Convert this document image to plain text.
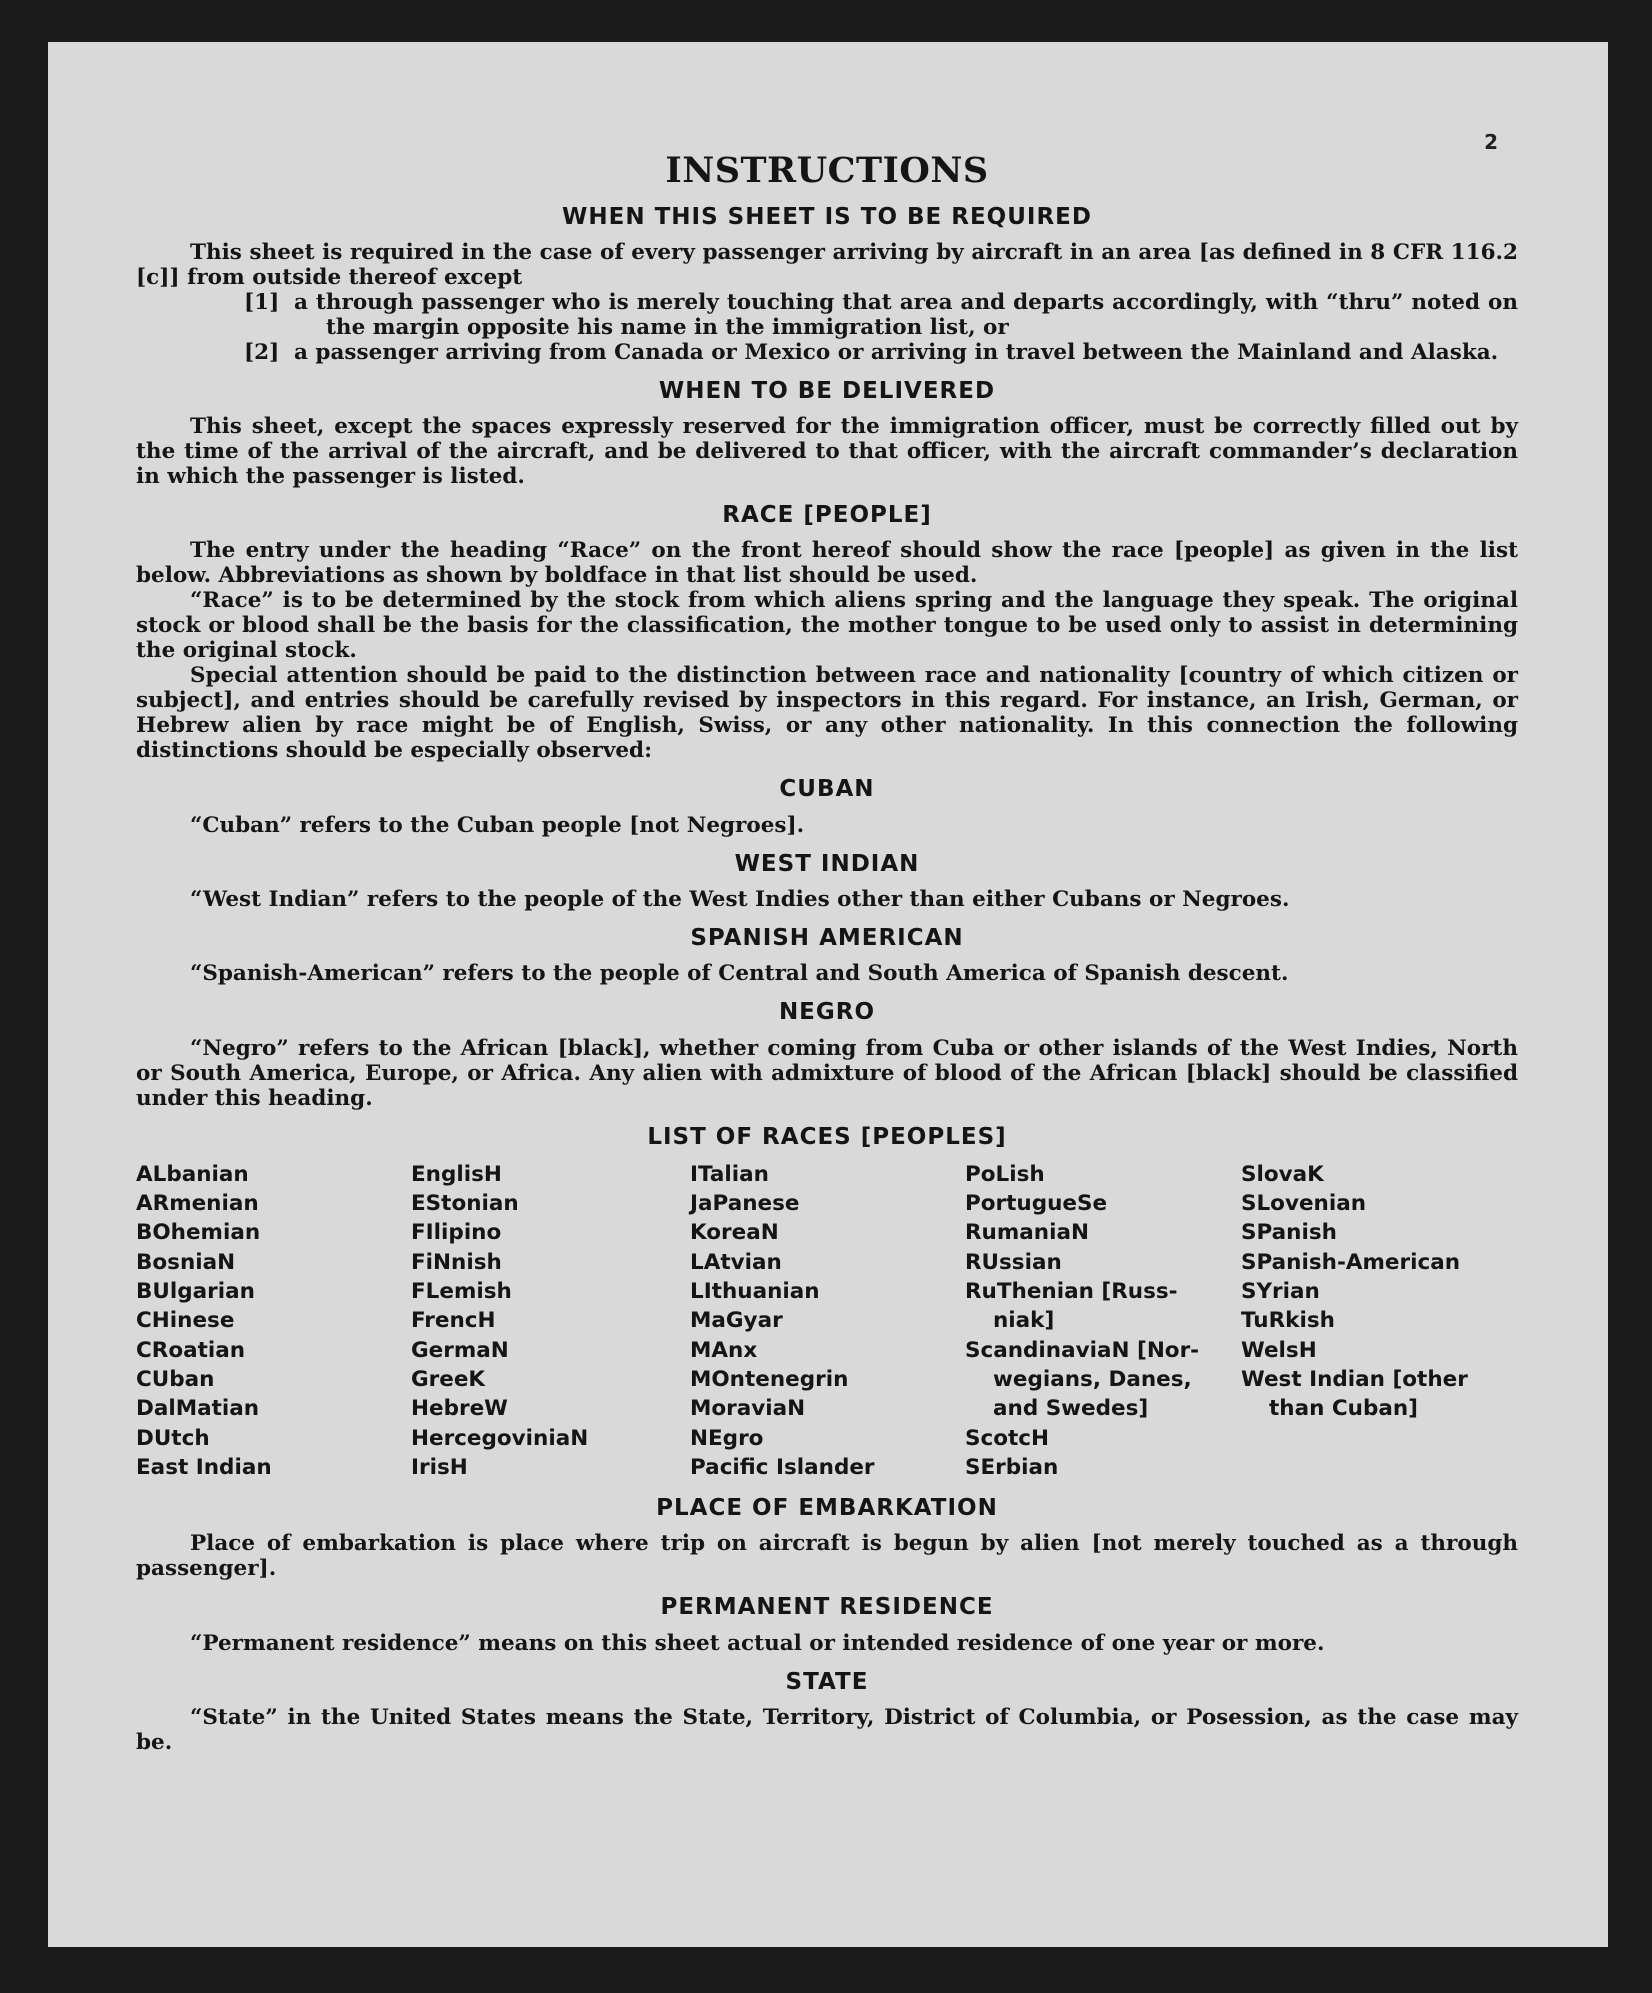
2
INSTRUCTIONS
WHEN THIS SHEET IS TO BE REQUIRED

This sheet is required in the case of every passenger arriving by aircraft in an area [as defined in 8 CFR 116.2 [c]] from outside thereof except

[1] a through passenger who is merely touching that area and departs accordingly, with “thru” noted on the margin opposite his name in the immigration list, or

[2] a passenger arriving from Canada or Mexico or arriving in travel between the Mainland and Alaska.

WHEN TO BE DELIVERED

This sheet, except the spaces expressly reserved for the immigration officer, must be correctly filled out by the time of the arrival of the aircraft, and be delivered to that officer, with the aircraft commander’s declaration in which the passenger is listed.

RACE [PEOPLE]

The entry under the heading “Race” on the front hereof should show the race [people] as given in the list below. Abbreviations as shown by boldface in that list should be used.

“Race” is to be determined by the stock from which aliens spring and the language they speak. The original stock or blood shall be the basis for the classification, the mother tongue to be used only to assist in determining the original stock.

Special attention should be paid to the distinction between race and nationality [country of which citizen or subject], and entries should be carefully revised by inspectors in this regard. For instance, an Irish, German, or Hebrew alien by race might be of English, Swiss, or any other nationality. In this connection the following distinctions should be especially observed:

CUBAN

“Cuban” refers to the Cuban people [not Negroes].

WEST INDIAN

“West Indian” refers to the people of the West Indies other than either Cubans or Negroes.

SPANISH AMERICAN

“Spanish-American” refers to the people of Central and South America of Spanish descent.

NEGRO

“Negro” refers to the African [black], whether coming from Cuba or other islands of the West Indies, North or South America, Europe, or Africa. Any alien with admixture of blood of the African [black] should be classified under this heading.

LIST OF RACES [PEOPLES]
ALbanian
ARmenian
BOhemian
BosniaN
BUlgarian
CHinese
CRoatian
CUban
DalMatian
DUtch
East Indian
EnglisH
EStonian
FIlipino
FiNnish
FLemish
FrencH
GermaN
GreeK
HebreW
HercegoviniaN
IrisH
ITalian
JaPanese
KoreaN
LAtvian
LIthuanian
MaGyar
MAnx
MOntenegrin
MoraviaN
NEgro
Pacific Islander
PoLish
PortugueSe
RumaniaN
RUssian
RuThenian [Russ-
niak]
ScandinaviaN [Nor-
wegians, Danes,
and Swedes]
ScotcH
SErbian
SlovaK
SLovenian
SPanish
SPanish-American
SYrian
TuRkish
WelsH
West Indian [other
than Cuban]
PLACE OF EMBARKATION

Place of embarkation is place where trip on aircraft is begun by alien [not merely touched as a through passenger].

PERMANENT RESIDENCE

“Permanent residence” means on this sheet actual or intended residence of one year or more.

STATE

“State” in the United States means the State, Territory, District of Columbia, or Posession, as the case may be.
